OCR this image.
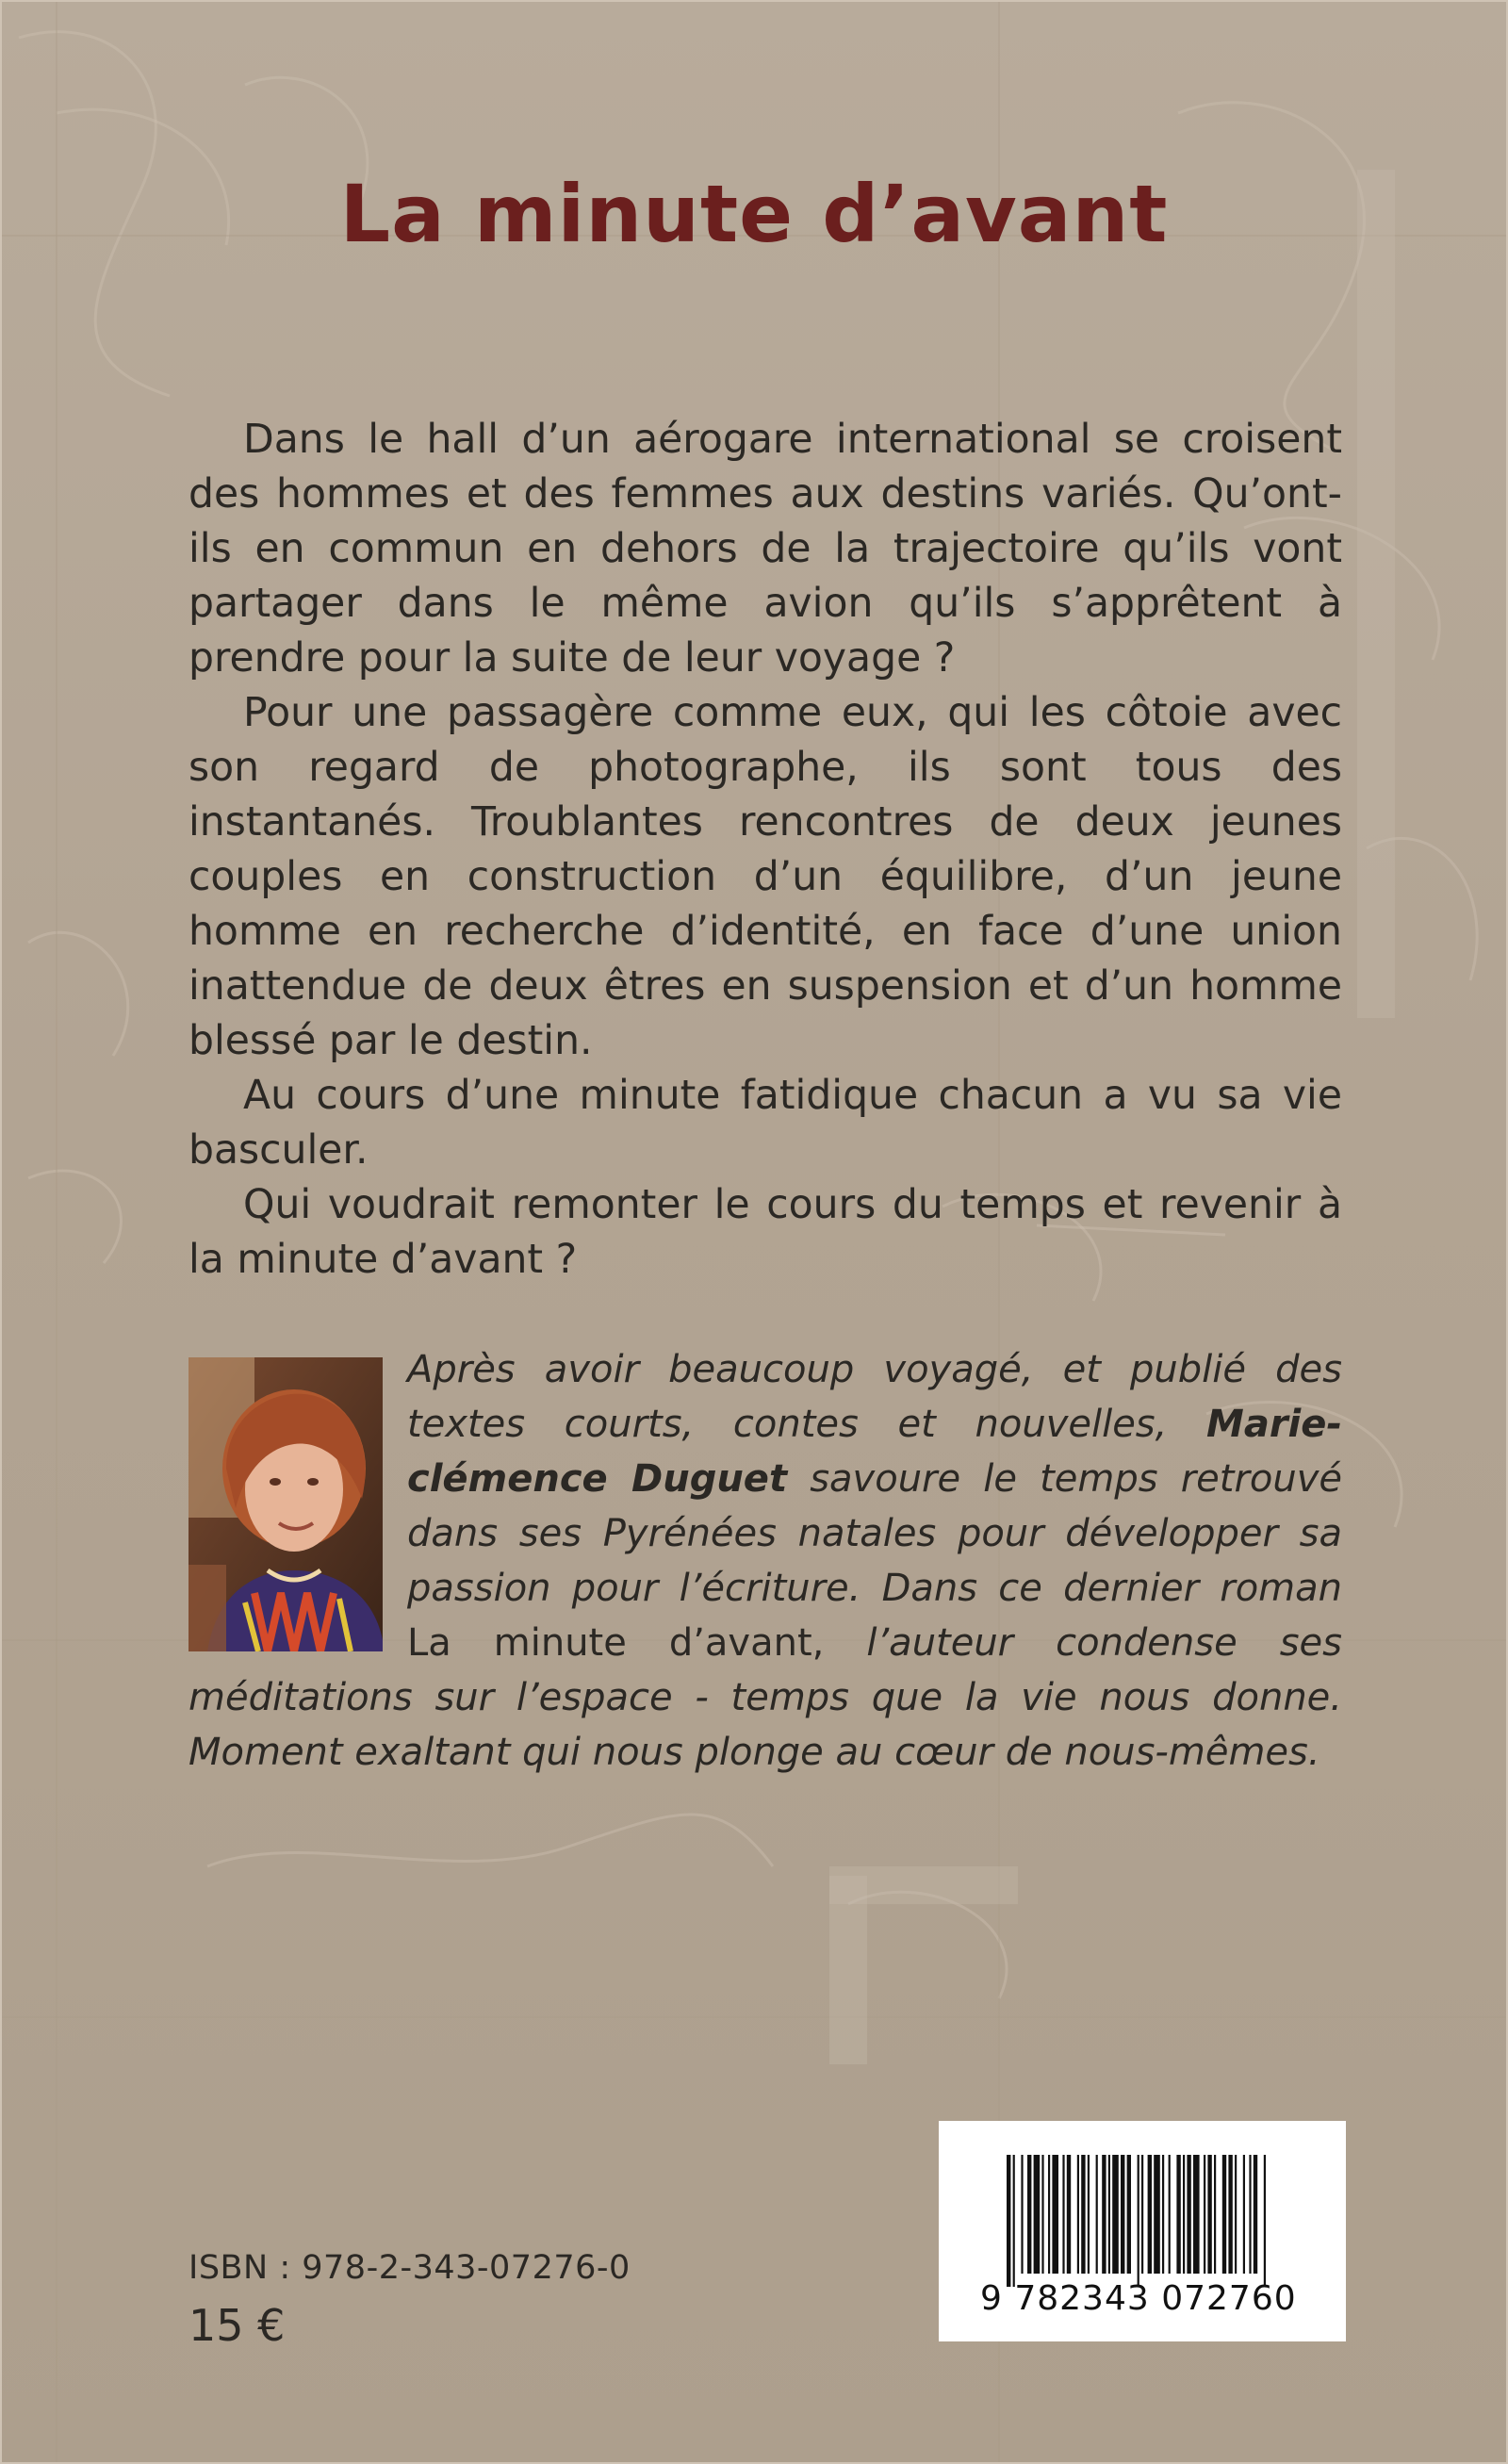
La minute d’avant

Dans le hall d’un aérogare international se croisent des hommes et des femmes aux destins variés. Qu’ont-ils en commun en dehors de la trajectoire qu’ils vont partager dans le même avion qu’ils s’apprêtent à prendre pour la suite de leur voyage ?

Pour une passagère comme eux, qui les côtoie avec son regard de photographe, ils sont tous des instantanés. Troublantes rencontres de deux jeunes couples en construction d’un équilibre, d’un jeune homme en recherche d’identité, en face d’une union inattendue de deux êtres en suspension et d’un homme blessé par le destin.

Au cours d’une minute fatidique chacun a vu sa vie basculer.

Qui voudrait remonter le cours du temps et revenir à la minute d’avant ?

Après avoir beaucoup voyagé, et publié des textes courts, contes et nouvelles, Marie-clémence Duguet savoure le temps retrouvé dans ses Pyrénées natales pour développer sa passion pour l’écriture. Dans ce dernier roman La minute d’avant, l’auteur condense ses méditations sur l’espace - temps que la vie nous donne. Moment exaltant qui nous plonge au cœur de nous-mêmes.

ISBN : 978-2-343-07276-0
15 €
9 782343 072760
